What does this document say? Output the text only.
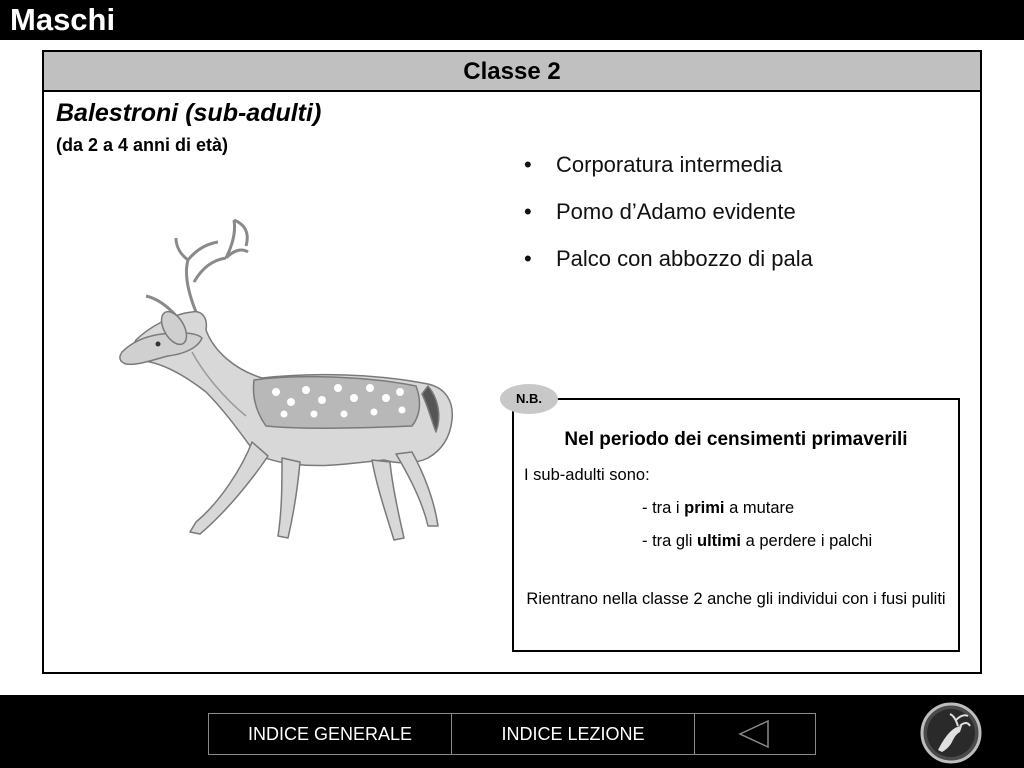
Maschi
Classe 2
Balestroni (sub-adulti)
(da 2 a 4 anni di età)
• Corporatura intermedia
• Pomo d’Adamo evidente
• Palco con abbozzo di pala
Nel periodo dei censimenti primaverili
I sub-adulti sono:
- tra i primi a mutare
- tra gli ultimi a perdere i palchi
Rientrano nella classe 2 anche gli individui con i fusi puliti
N.B.
INDICE GENERALE	INDICE LEZIONE
